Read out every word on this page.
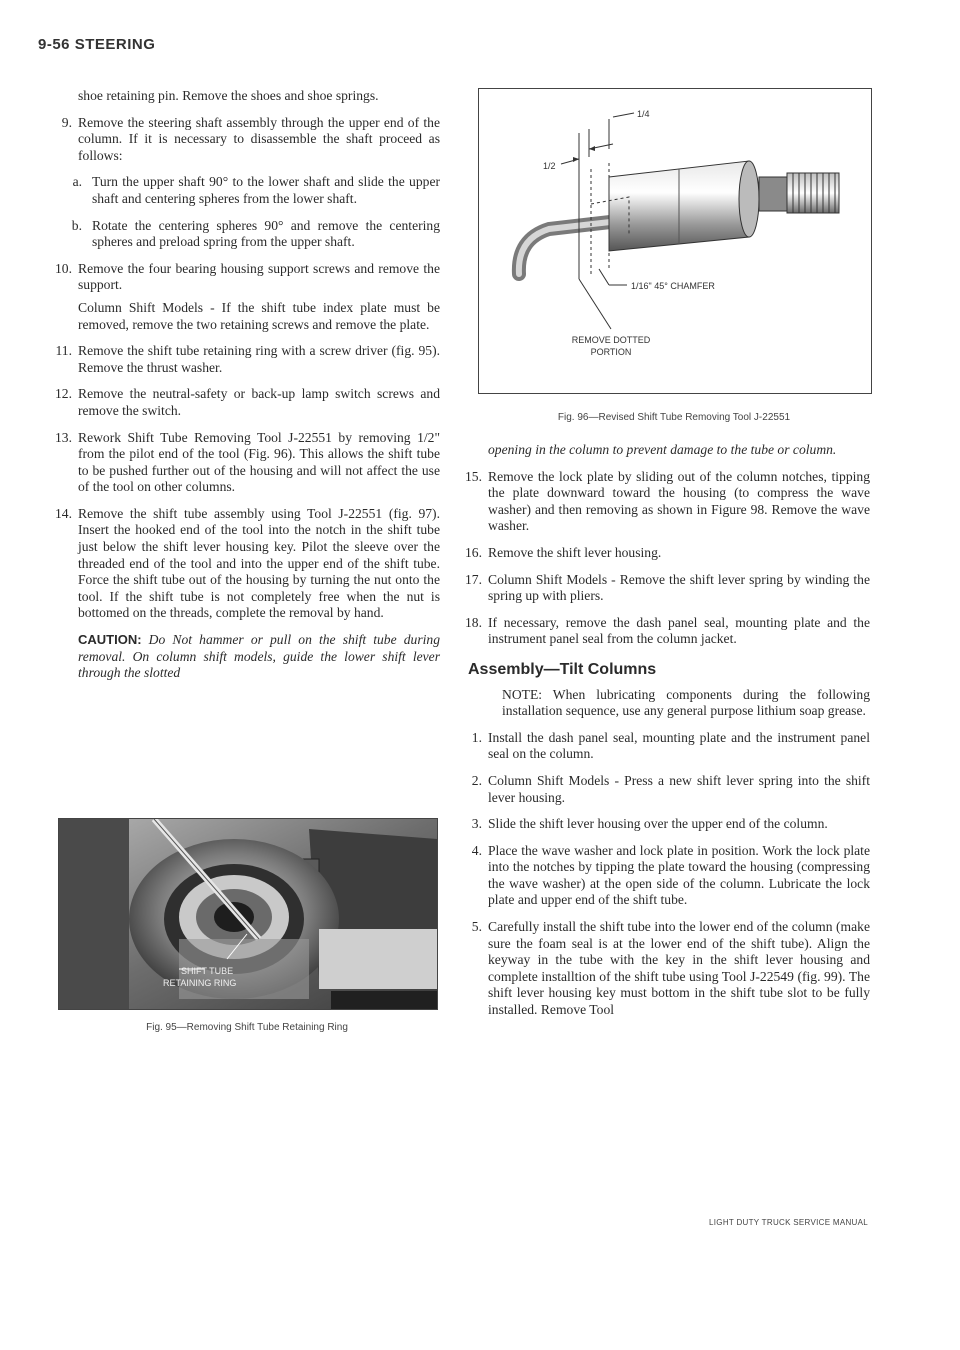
9-56 STEERING

shoe retaining pin. Remove the shoes and shoe springs.

9. Remove the steering shaft assembly through the upper end of the column. If it is necessary to disassemble the shaft proceed as follows:

a. Turn the upper shaft 90° to the lower shaft and slide the upper shaft and centering spheres from the lower shaft.

b. Rotate the centering spheres 90° and remove the centering spheres and preload spring from the upper shaft.

10. Remove the four bearing housing support screws and remove the support.

Column Shift Models - If the shift tube index plate must be removed, remove the two retaining screws and remove the plate.

11. Remove the shift tube retaining ring with a screw driver (fig. 95). Remove the thrust washer.

12. Remove the neutral-safety or back-up lamp switch screws and remove the switch.

13. Rework Shift Tube Removing Tool J-22551 by removing 1/2" from the pilot end of the tool (Fig. 96). This allows the shift tube to be pushed further out of the housing and will not affect the use of the tool on other columns.

14. Remove the shift tube assembly using Tool J-22551 (fig. 97). Insert the hooked end of the tool into the notch in the shift tube just below the shift lever housing key. Pilot the sleeve over the threaded end of the tool and into the upper end of the shift tube. Force the shift tube out of the housing by turning the nut onto the tool. If the shift tube is not completely free when the nut is bottomed on the threads, complete the removal by hand.

CAUTION: Do Not hammer or pull on the shift tube during removal. On column shift models, guide the lower shift lever through the slotted

SHIFT TUBE
RETAINING RING
Fig. 95—Removing Shift Tube Retaining Ring
1/4
1/2
1/16" 45° CHAMFER
REMOVE DOTTED
PORTION
Fig. 96—Revised Shift Tube Removing Tool J-22551

opening in the column to prevent damage to the tube or column.

15. Remove the lock plate by sliding out of the column notches, tipping the plate downward toward the housing (to compress the wave washer) and then removing as shown in Figure 98. Remove the wave washer.

16. Remove the shift lever housing.

17. Column Shift Models - Remove the shift lever spring by winding the spring up with pliers.

18. If necessary, remove the dash panel seal, mounting plate and the instrument panel seal from the column jacket.

Assembly—Tilt Columns

NOTE: When lubricating components during the following installation sequence, use any general purpose lithium soap grease.

1. Install the dash panel seal, mounting plate and the instrument panel seal on the column.

2. Column Shift Models - Press a new shift lever spring into the shift lever housing.

3. Slide the shift lever housing over the upper end of the column.

4. Place the wave washer and lock plate in position. Work the lock plate into the notches by tipping the plate toward the housing (compressing the wave washer) at the open side of the column. Lubricate the lock plate and upper end of the shift tube.

5. Carefully install the shift tube into the lower end of the column (make sure the foam seal is at the lower end of the shift tube). Align the keyway in the tube with the key in the shift lever housing and complete installtion of the shift tube using Tool J-22549 (fig. 99). The shift lever housing key must bottom in the shift tube slot to be fully installed. Remove Tool

LIGHT DUTY TRUCK SERVICE MANUAL
